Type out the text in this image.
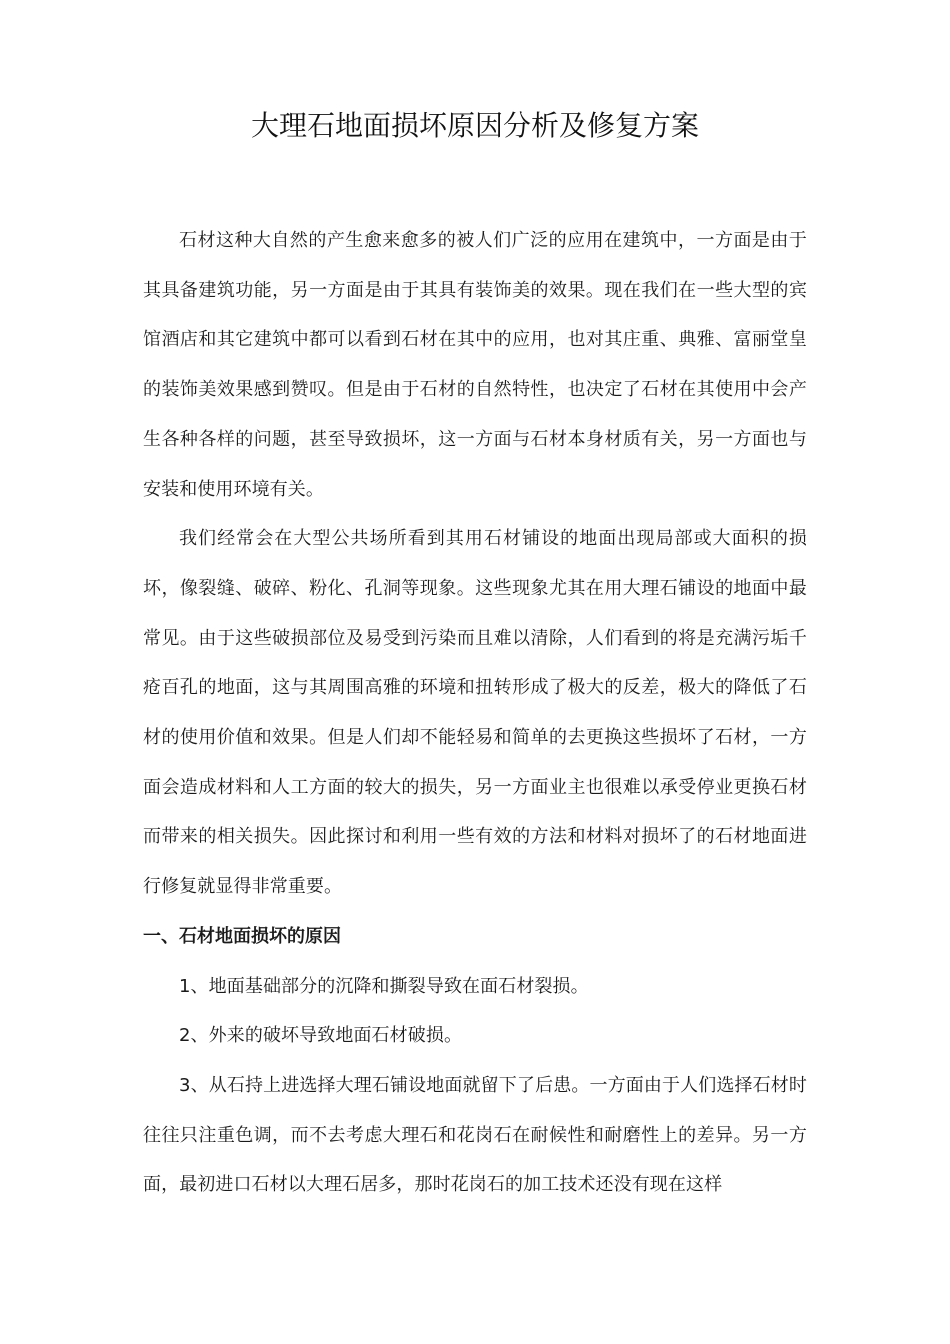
大理石地面损坏原因分析及修复方案

石材这种大自然的产生愈来愈多的被人们广泛的应用在建筑中，一方面是由于其具备建筑功能，另一方面是由于其具有装饰美的效果。现在我们在一些大型的宾馆酒店和其它建筑中都可以看到石材在其中的应用，也对其庄重、典雅、富丽堂皇的装饰美效果感到赞叹。但是由于石材的自然特性，也决定了石材在其使用中会产生各种各样的问题，甚至导致损坏，这一方面与石材本身材质有关，另一方面也与安装和使用环境有关。

我们经常会在大型公共场所看到其用石材铺设的地面出现局部或大面积的损坏，像裂缝、破碎、粉化、孔洞等现象。这些现象尤其在用大理石铺设的地面中最常见。由于这些破损部位及易受到污染而且难以清除，人们看到的将是充满污垢千疮百孔的地面，这与其周围高雅的环境和扭转形成了极大的反差，极大的降低了石材的使用价值和效果。但是人们却不能轻易和简单的去更换这些损坏了石材，一方面会造成材料和人工方面的较大的损失，另一方面业主也很难以承受停业更换石材而带来的相关损失。因此探讨和利用一些有效的方法和材料对损坏了的石材地面进行修复就显得非常重要。

一、石材地面损坏的原因

1、地面基础部分的沉降和撕裂导致在面石材裂损。

2、外来的破坏导致地面石材破损。

3、从石持上进选择大理石铺设地面就留下了后患。一方面由于人们选择石材时往往只注重色调，而不去考虑大理石和花岗石在耐候性和耐磨性上的差异。另一方面，最初进口石材以大理石居多，那时花岗石的加工技术还没有现在这样
